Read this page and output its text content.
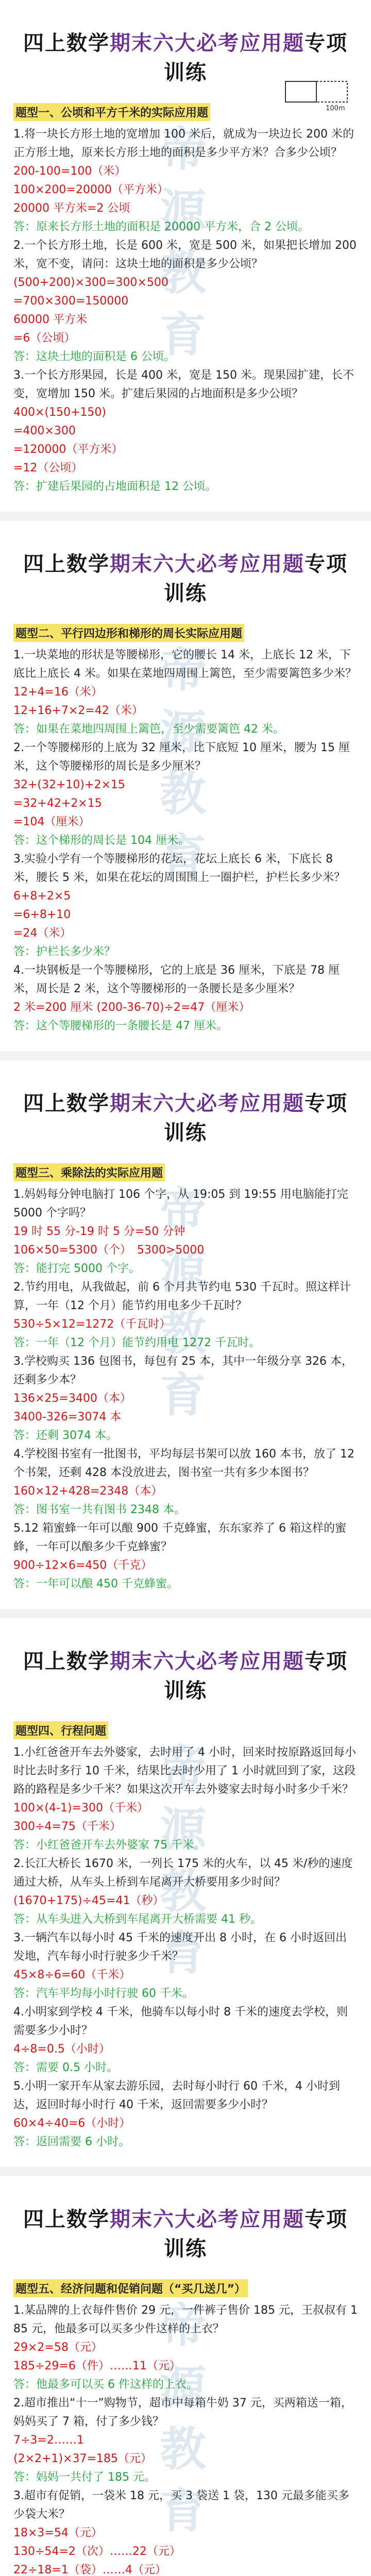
帝源教育
四上数学期末六大必考应用题专项训练
100m
题型一、公顷和平方千米的实际应用题
1.将一块长方形土地的宽增加 100 米后，就成为一块边长 200 米的正方形土地，原来长方形土地的面积是多少平方米？合多少公顷？
200-100=100（米）
100×200=20000（平方米）
20000 平方米=2 公顷
答：原来长方形土地的面积是 20000 平方米，合 2 公顷。
2.一个长方形土地，长是 600 米，宽是 500 米，如果把长增加 200 米，宽不变，请问：这块土地的面积是多少公顷？
(500+200)×300=300×500
=700×300=150000
60000 平方米
=6（公顷）
答：这块土地的面积是 6 公顷。
3.一个长方形果园，长是 400 米，宽是 150 米。现果园扩建，长不变，宽增加 150 米。扩建后果园的占地面积是多少公顷？
400×(150+150)
=400×300
=120000（平方米）
=12（公顷）
答：扩建后果园的占地面积是 12 公顷。
帝源教育
四上数学期末六大必考应用题专项训练
题型二、平行四边形和梯形的周长实际应用题
1.一块菜地的形状是等腰梯形，它的腰长 14 米，上底长 12 米，下底比上底长 4 米。如果在菜地四周围上篱笆，至少需要篱笆多少米？
12+4=16（米）
12+16+7×2=42（米）
答：如果在菜地四周围上篱笆，至少需要篱笆 42 米。
2.一个等腰梯形的上底为 32 厘米，比下底短 10 厘米，腰为 15 厘米，这个等腰梯形的周长是多少厘米？
32+(32+10)+2×15
=32+42+2×15
=104（厘米）
答：这个梯形的周长是 104 厘米。
3.实验小学有一个等腰梯形的花坛，花坛上底长 6 米，下底长 8 米，腰长 5 米，如果在花坛的周围围上一圈护栏，护栏长多少米？
6+8+2×5
=6+8+10
=24（米）
答：护栏长多少米？
4.一块钢板是一个等腰梯形，它的上底是 36 厘米，下底是 78 厘米，周长是 2 米，这个等腰梯形的一条腰长是多少厘米？
2 米=200 厘米 (200-36-70)÷2=47（厘米）
答：这个等腰梯形的一条腰长是 47 厘米。
帝源教育
四上数学期末六大必考应用题专项训练
题型三、乘除法的实际应用题
1.妈妈每分钟电脑打 106 个字，从 19:05 到 19:55 用电脑能打完 5000 个字吗？
19 时 55 分-19 时 5 分=50 分钟
106×50=5300（个）　5300>5000
答：能打完 5000 个字。
2.节约用电，从我做起，前 6 个月共节约电 530 千瓦时。照这样计算，一年（12 个月）能节约用电多少千瓦时？
530÷5×12=1272（千瓦时）
答：一年（12 个月）能节约用电 1272 千瓦时。
3.学校购买 136 包图书，每包有 25 本，其中一年级分享 326 本，还剩多少本？
136×25=3400（本）
3400-326=3074 本
答：还剩 3074 本。
4.学校图书室有一批图书，平均每层书架可以放 160 本书，放了 12 个书架，还剩 428 本没放进去，图书室一共有多少本图书？
160×12+428=2348（本）
答：图书室一共有图书 2348 本。
5.12 箱蜜蜂一年可以酿 900 千克蜂蜜，东东家养了 6 箱这样的蜜蜂，一年可以酿多少千克蜂蜜？
900÷12×6=450（千克）
答：一年可以酿 450 千克蜂蜜。
帝源教育
四上数学期末六大必考应用题专项训练
题型四、行程问题
1.小红爸爸开车去外婆家，去时用了 4 小时，回来时按原路返回每小时比去时多行 10 千米，结果比去时少用了 1 小时就回到了家，这段路的路程是多少千米？如果这次开车去外婆家去时每小时多少千米？
100×(4-1)=300（千米）
300÷4=75（千米）
答：小红爸爸开车去外婆家 75 千米。
2.长江大桥长 1670 米，一列长 175 米的火车，以 45 米/秒的速度通过大桥，从车头上桥到车尾离开大桥要用多少时间？
(1670+175)÷45=41（秒）
答：从车头进入大桥到车尾离开大桥需要 41 秒。
3.一辆汽车以每小时 45 千米的速度开出 8 小时，在 6 小时返回出发地，汽车每小时行驶多少千米？
45×8÷6=60（千米）
答：汽车平均每小时行驶 60 千米。
4.小明家到学校 4 千米，他骑车以每小时 8 千米的速度去学校，则需要多少小时？
4÷8=0.5（小时）
答：需要 0.5 小时。
5.小明一家开车从家去游乐园，去时每小时行 60 千米，4 小时到达，返回时每小时行 40 千米，返回需要多少小时？
60×4÷40=6（小时）
答：返回需要 6 小时。
帝源教育
四上数学期末六大必考应用题专项训练
题型五、经济问题和促销问题（“买几送几”）
1.某品牌的上衣每件售价 29 元，一件裤子售价 185 元，王叔叔有 185 元，他最多可以买多少件这样的上衣？
29×2=58（元）
185÷29=6（件）……11（元）
答：他最多可以买 6 件这样的上衣。
2.超市推出“十一”购物节，超市中每箱牛奶 37 元，买两箱送一箱，妈妈买了 7 箱，付了多少钱？
7÷3=2……1
(2×2+1)×37=185（元）
答：妈妈一共付了 185 元。
3.超市有促销，一袋米 18 元，买 3 袋送 1 袋，130 元最多能买多少袋大米？
18×3=54（元）
130÷54=2（次）……22（元）
22÷18=1（袋）……4（元）
